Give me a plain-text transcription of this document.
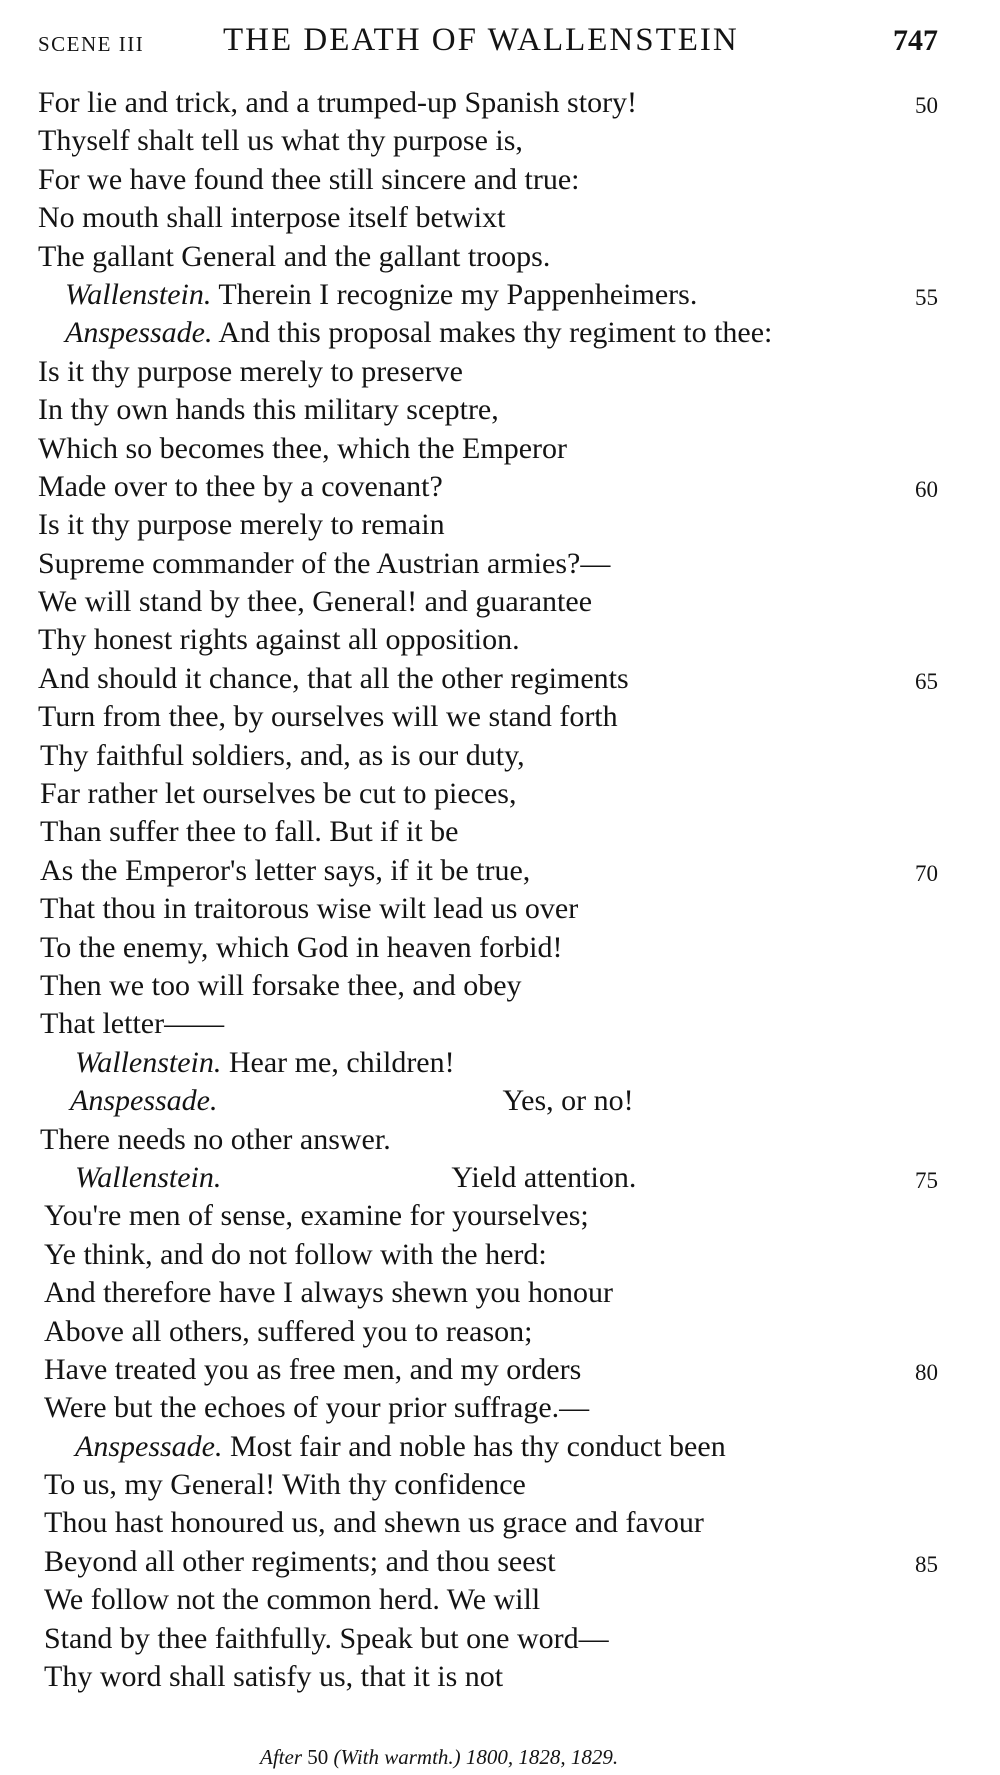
SCENE III THE DEATH OF WALLENSTEIN	747
For lie and trick, and a trumped-up Spanish story!	50
Thyself shalt tell us what thy purpose is,
For we have found thee still sincere and true:
No mouth shall interpose itself betwixt
The gallant General and the gallant troops.
Wallenstein. Therein I recognize my Pappenheimers.	55
Anspessade. And this proposal makes thy regiment to thee:
Is it thy purpose merely to preserve
In thy own hands this military sceptre,
Which so becomes thee, which the Emperor
Made over to thee by a covenant?	60
Is it thy purpose merely to remain
Supreme commander of the Austrian armies?—
We will stand by thee, General! and guarantee
Thy honest rights against all opposition.
And should it chance, that all the other regiments	65
Turn from thee, by ourselves will we stand forth
Thy faithful soldiers, and, as is our duty,
Far rather let ourselves be cut to pieces,
Than suffer thee to fall. But if it be
As the Emperor's letter says, if it be true,	70
That thou in traitorous wise wilt lead us over
To the enemy, which God in heaven forbid!
Then we too will forsake thee, and obey
That letter——
Wallenstein. Hear me, children!
Anspessade.	Yes, or no!
There needs no other answer.
Wallenstein.	Yield attention.	75
You're men of sense, examine for yourselves;
Ye think, and do not follow with the herd:
And therefore have I always shewn you honour
Above all others, suffered you to reason;
Have treated you as free men, and my orders	80
Were but the echoes of your prior suffrage.—
Anspessade. Most fair and noble has thy conduct been
To us, my General! With thy confidence
Thou hast honoured us, and shewn us grace and favour
Beyond all other regiments; and thou seest	85
We follow not the common herd. We will
Stand by thee faithfully. Speak but one word—
Thy word shall satisfy us, that it is not
After 50 (With warmth.) 1800, 1828, 1829.
